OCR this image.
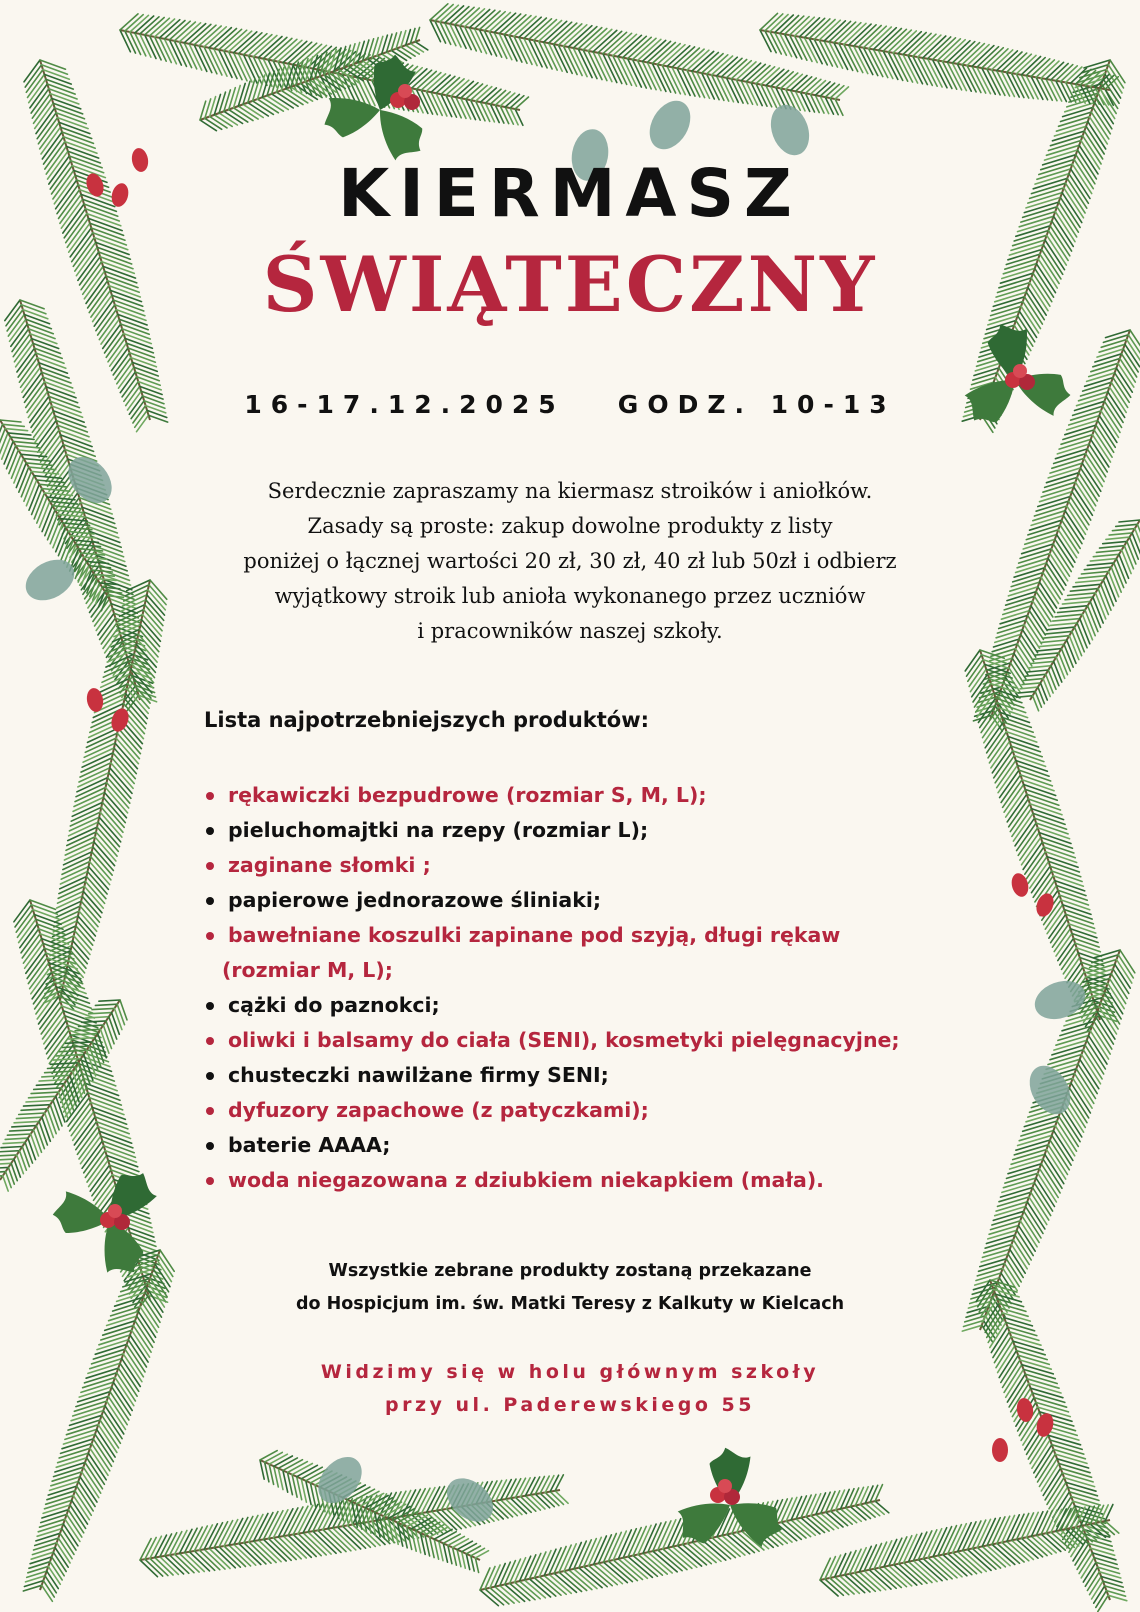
KIERMASZ
ŚWIĄTECZNY
16-17.12.2025   GODZ. 10-13
Serdecznie zapraszamy na kiermasz stroików i aniołków.
Zasady są proste: zakup dowolne produkty z listy
poniżej o łącznej wartości 20 zł, 30 zł, 40 zł lub 50zł i odbierz
wyjątkowy stroik lub anioła wykonanego przez uczniów
i pracowników naszej szkoły.
Lista najpotrzebniejszych produktów:
rękawiczki bezpudrowe (rozmiar S, M, L);
pieluchomajtki na rzepy (rozmiar L);
zaginane słomki ;
papierowe jednorazowe śliniaki;
bawełniane koszulki zapinane pod szyją, długi rękaw
(rozmiar M, L);
cążki do paznokci;
oliwki i balsamy do ciała (SENI), kosmetyki pielęgnacyjne;
chusteczki nawilżane firmy SENI;
dyfuzory zapachowe (z patyczkami);
baterie AAAA;
woda niegazowana z dziubkiem niekapkiem (mała).
Wszystkie zebrane produkty zostaną przekazane
do Hospicjum im. św. Matki Teresy z Kalkuty w Kielcach
Widzimy się w holu głównym szkoły
przy ul. Paderewskiego 55
